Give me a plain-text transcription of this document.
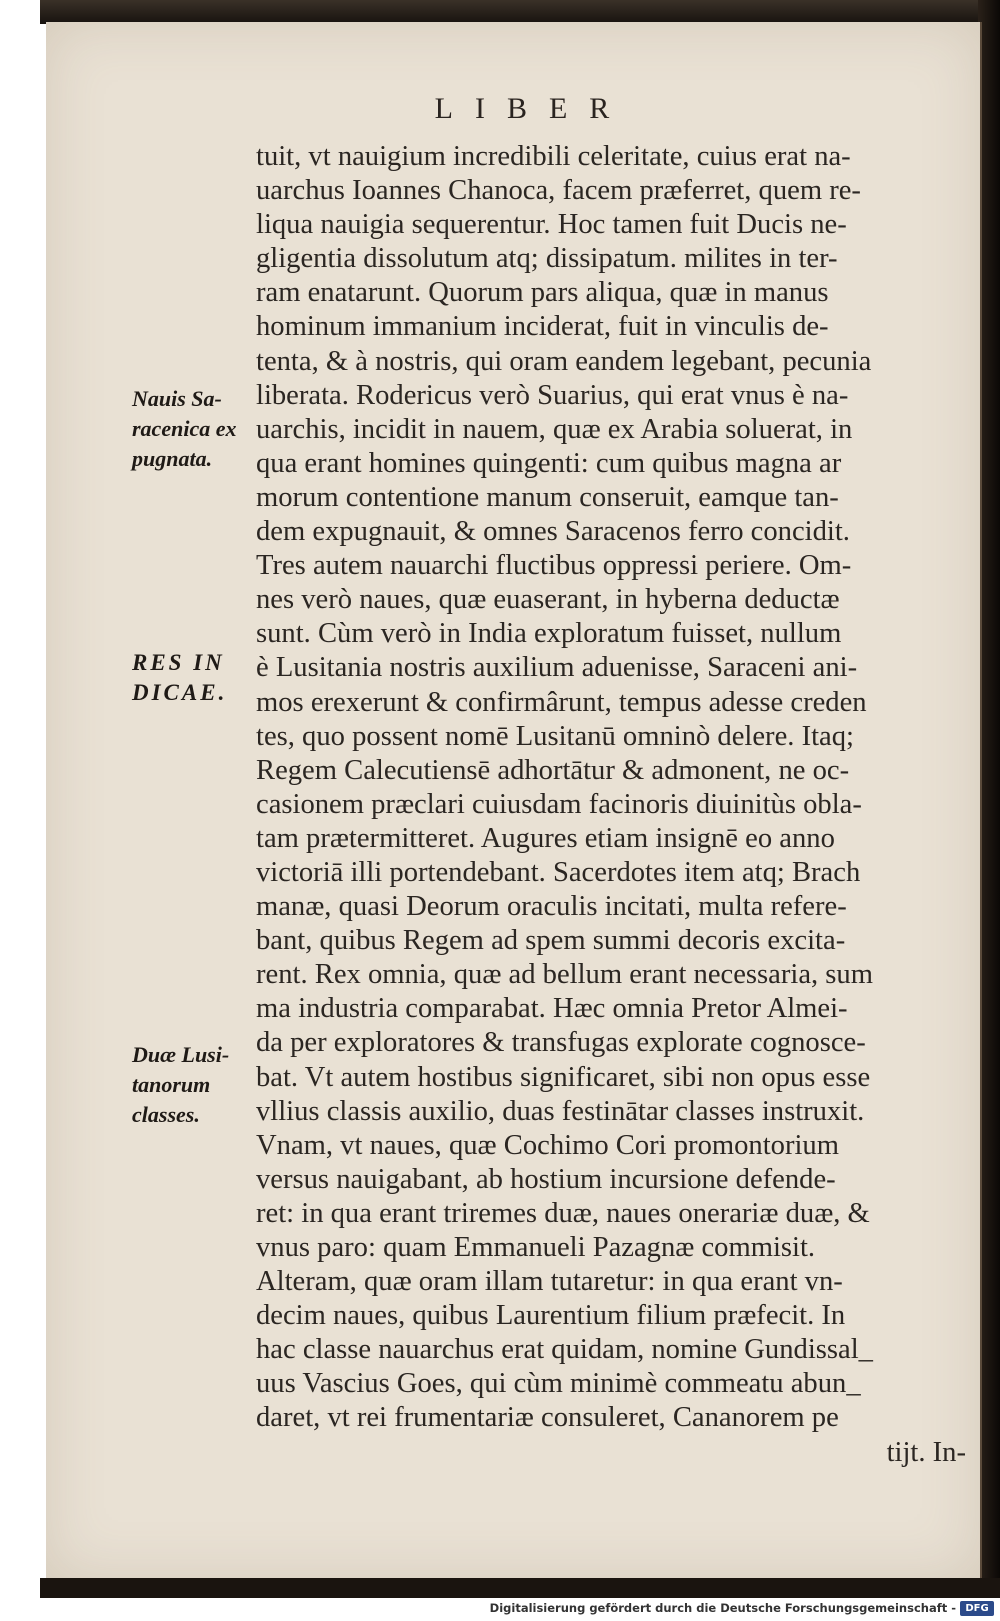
LIBER
tuit, vt nauigium incredibili celeritate, cuius erat na-
uarchus Ioannes Chanoca, facem præferret, quem re-
liqua nauigia sequerentur. Hoc tamen fuit Ducis ne-
gligentia dissolutum atq; dissipatum. milites in ter-
ram enatarunt. Quorum pars aliqua, quæ in manus
hominum immanium inciderat, fuit in vinculis de-
tenta, & à nostris, qui oram eandem legebant, pecunia
liberata. Rodericus verò Suarius, qui erat vnus è na-
uarchis, incidit in nauem, quæ ex Arabia soluerat, in
qua erant homines quingenti: cum quibus magna ar
morum contentione manum conseruit, eamque tan-
dem expugnauit, & omnes Saracenos ferro concidit.
Tres autem nauarchi fluctibus oppressi periere. Om-
nes verò naues, quæ euaserant, in hyberna deductæ
sunt. Cùm verò in India exploratum fuisset, nullum
è Lusitania nostris auxilium aduenisse, Saraceni ani-
mos erexerunt & confirmârunt, tempus adesse creden
tes, quo possent nomē Lusitanū omninò delere. Itaq;
Regem Calecutiensē adhortātur & admonent, ne oc-
casionem præclari cuiusdam facinoris diuinitùs obla-
tam prætermitteret. Augures etiam insignē eo anno
victoriā illi portendebant. Sacerdotes item atq; Brach
manæ, quasi Deorum oraculis incitati, multa refere-
bant, quibus Regem ad spem summi decoris excita-
rent. Rex omnia, quæ ad bellum erant necessaria, sum
ma industria comparabat. Hæc omnia Pretor Almei-
da per exploratores & transfugas explorate cognosce-
bat. Vt autem hostibus significaret, sibi non opus esse
vllius classis auxilio, duas festinātar classes instruxit.
Vnam, vt naues, quæ Cochimo Cori promontorium
versus nauigabant, ab hostium incursione defende-
ret: in qua erant triremes duæ, naues onerariæ duæ, &
vnus paro: quam Emmanueli Pazagnæ commisit.
Alteram, quæ oram illam tutaretur: in qua erant vn-
decim naues, quibus Laurentium filium præfecit. In
hac classe nauarchus erat quidam, nomine Gundissal_
uus Vascius Goes, qui cùm minimè commeatu abun_
daret, vt rei frumentariæ consuleret, Cananorem pe
tijt. In-
Nauis Sa-
racenica ex
pugnata.
RES IN
DICAE.
Duæ Lusi-
tanorum
classes.
Digitalisierung gefördert durch die Deutsche Forschungsgemeinschaft - DFG
